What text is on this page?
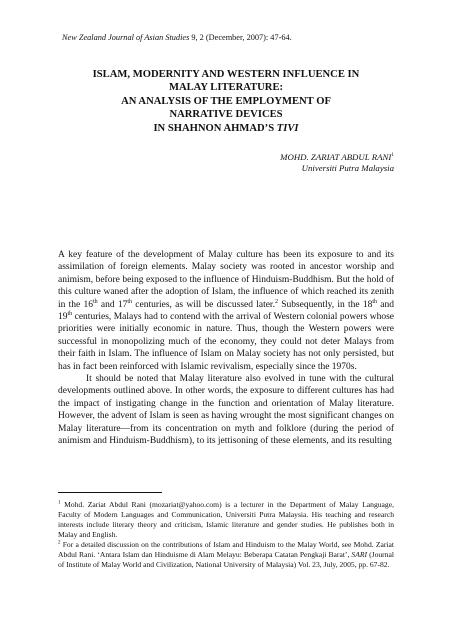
New Zealand Journal of Asian Studies 9, 2 (December, 2007): 47-64.
ISLAM, MODERNITY AND WESTERN INFLUENCE IN
MALAY LITERATURE:
AN ANALYSIS OF THE EMPLOYMENT OF
NARRATIVE DEVICES
IN SHAHNON AHMAD’S TIVI
MOHD. ZARIAT ABDUL RANI$^1$
Universiti Putra Malaysia

A key feature of the development of Malay culture has been its exposure to and its assimilation of foreign elements. Malay society was rooted in ancestor worship and animism, before being exposed to the influence of Hinduism-Buddhism. But the hold of this culture waned after the adoption of Islam, the influence of which reached its zenith in the 16th and 17th centuries, as will be discussed later.$^2$ Subsequently, in the 18th and 19th centuries, Malays had to contend with the arrival of Western colonial powers whose priorities were initially economic in nature. Thus, though the Western powers were successful in monopolizing much of the economy, they could not deter Malays from their faith in Islam. The influence of Islam on Malay society has not only persisted, but has in fact been reinforced with Islamic revivalism, especially since the 1970s.

It should be noted that Malay literature also evolved in tune with the cultural developments outlined above. In other words, the exposure to different cultures has had the impact of instigating change in the function and orientation of Malay literature. However, the advent of Islam is seen as having wrought the most significant changes on Malay literature—from its concentration on myth and folklore (during the period of animism and Hinduism-Buddhism), to its jettisoning of these elements, and its resulting

$^1$ Mohd. Zariat Abdul Rani (mozariat@yahoo.com) is a lecturer in the Department of Malay Language, Faculty of Modern Languages and Communication, Universiti Putra Malaysia. His teaching and research interests include literary theory and criticism, Islamic literature and gender studies. He publishes both in Malay and English.

$^2$ For a detailed discussion on the contributions of Islam and Hinduism to the Malay World, see Mohd. Zariat Abdul Rani. ‘Antara Islam dan Hinduisme di Alam Melayu: Beberapa Catatan Pengkaji Barat’, SARI (Journal of Institute of Malay World and Civilization, National University of Malaysia) Vol. 23, July, 2005, pp. 67-82.
